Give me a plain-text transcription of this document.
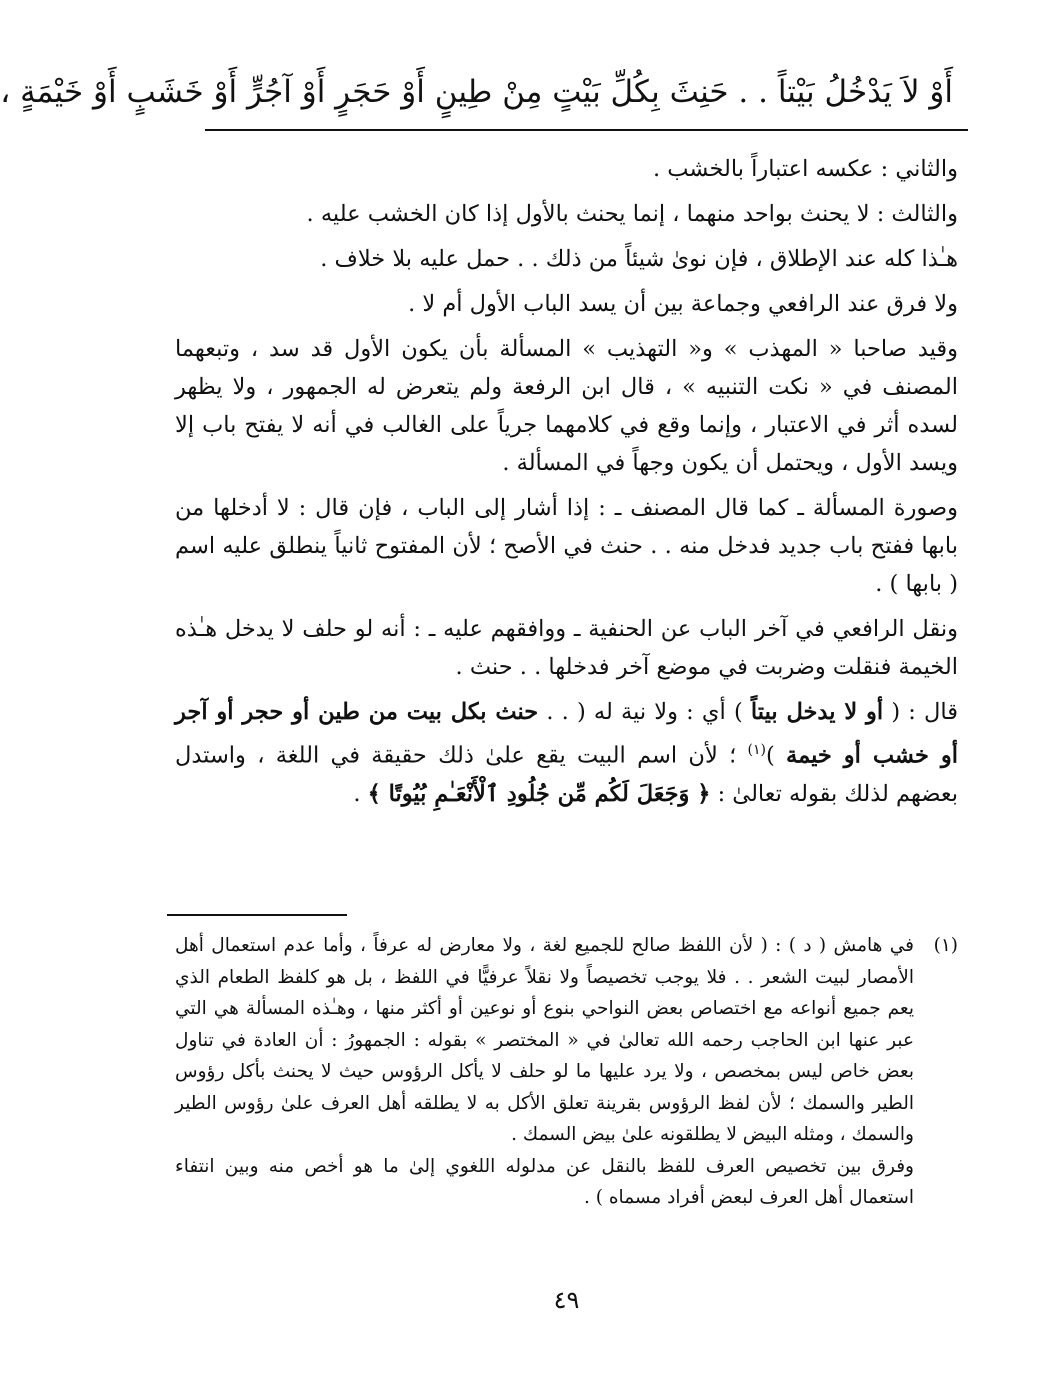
أَوْ لاَ يَدْخُلُ بَيْتاً . . حَنِثَ بِكُلِّ بَيْتٍ مِنْ طِينٍ أَوْ حَجَرٍ أَوْ آجُرٍّ أَوْ خَشَبٍ أَوْ خَيْمَةٍ ،

والثاني : عكسه اعتباراً بالخشب .

والثالث : لا يحنث بواحد منهما ، إنما يحنث بالأول إذا كان الخشب عليه .

هـٰذا كله عند الإطلاق ، فإن نوىٰ شيئاً من ذلك . . حمل عليه بلا خلاف .

ولا فرق عند الرافعي وجماعة بين أن يسد الباب الأول أم لا .

وقيد صاحبا « المهذب » و« التهذيب » المسألة بأن يكون الأول قد سد ، وتبعهما المصنف في « نكت التنبيه » ، قال ابن الرفعة ولم يتعرض له الجمهور ، ولا يظهر لسده أثر في الاعتبار ، وإنما وقع في كلامهما جرياً على الغالب في أنه لا يفتح باب إلا ويسد الأول ، ويحتمل أن يكون وجهاً في المسألة .

وصورة المسألة ـ كما قال المصنف ـ : إذا أشار إلى الباب ، فإن قال : لا أدخلها من بابها ففتح باب جديد فدخل منه . . حنث في الأصح ؛ لأن المفتوح ثانياً ينطلق عليه اسم ( بابها ) .

ونقل الرافعي في آخر الباب عن الحنفية ـ ووافقهم عليه ـ : أنه لو حلف لا يدخل هـٰذه الخيمة فنقلت وضربت في موضع آخر فدخلها . . حنث .

قال : ( أو لا يدخل بيتاً ) أي : ولا نية له ( . . حنث بكل بيت من طين أو حجر أو آجر أو خشب أو خيمة )$^{(١)}$ ؛ لأن اسم البيت يقع علىٰ ذلك حقيقة في اللغة ، واستدل بعضهم لذلك بقوله تعالىٰ : ﴿ وَجَعَلَ لَكُم مِّن جُلُودِ ٱلْأَنْعَـٰمِ بُيُوتًا ﴾ .

(١)

في هامش ( د ) : ( لأن اللفظ صالح للجميع لغة ، ولا معارض له عرفاً ، وأما عدم استعمال أهل الأمصار لبيت الشعر . . فلا يوجب تخصيصاً ولا نقلاً عرفيًّا في اللفظ ، بل هو كلفظ الطعام الذي يعم جميع أنواعه مع اختصاص بعض النواحي بنوع أو نوعين أو أكثر منها ، وهـٰذه المسألة هي التي عبر عنها ابن الحاجب رحمه الله تعالىٰ في « المختصر » بقوله : الجمهورُ : أن العادة في تناول بعض خاص ليس بمخصص ، ولا يرد عليها ما لو حلف لا يأكل الرؤوس حيث لا يحنث بأكل رؤوس الطير والسمك ؛ لأن لفظ الرؤوس بقرينة تعلق الأكل به لا يطلقه أهل العرف علىٰ رؤوس الطير والسمك ، ومثله البيض لا يطلقونه علىٰ بيض السمك .

وفرق بين تخصيص العرف للفظ بالنقل عن مدلوله اللغوي إلىٰ ما هو أخص منه وبين انتفاء استعمال أهل العرف لبعض أفراد مسماه ) .

٤٩
